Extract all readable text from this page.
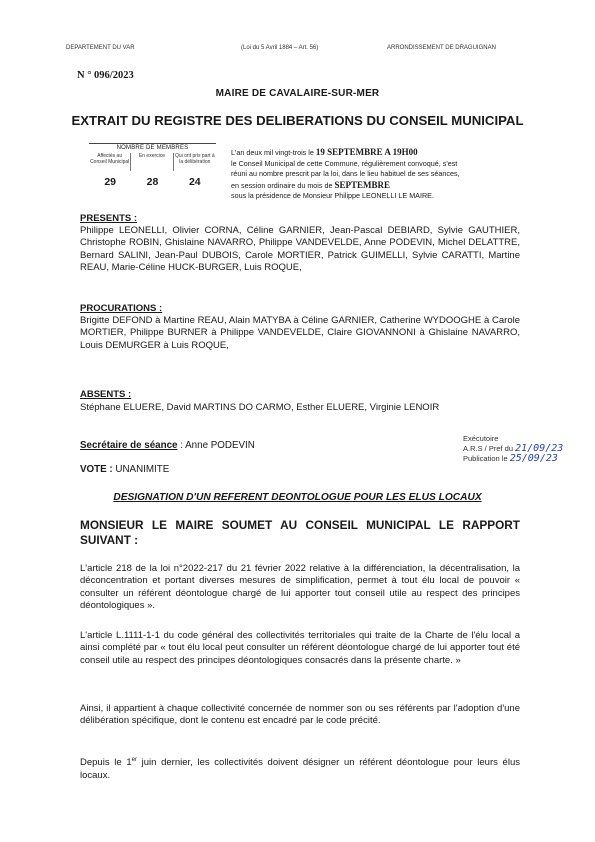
DEPARTEMENT DU VAR	(Loi du 5 Avril 1884 – Art. 56)	ARRONDISSEMENT DE DRAGUIGNAN
N ° 096/2023
MAIRE DE CAVALAIRE-SUR-MER
EXTRAIT DU REGISTRE DES DELIBERATIONS DU CONSEIL MUNICIPAL
NOMBRE DE MEMBRES
Affectés au Conseil Municipal
29
En exercice
28
Qui ont pris part à la délibération
24
L'an deux mil vingt-trois le 19 SEPTEMBRE A 19H00
le Conseil Municipal de cette Commune, régulièrement convoqué, s'est
réuni au nombre prescrit par la loi, dans le lieu habituel de ses séances,
en session ordinaire du mois de SEPTEMBRE
sous la présidence de Monsieur Philippe LEONELLI LE MAIRE.
PRESENTS :
Philippe LEONELLI, Olivier CORNA, Céline GARNIER, Jean-Pascal DEBIARD, Sylvie GAUTHIER, Christophe ROBIN, Ghislaine NAVARRO, Philippe VANDEVELDE, Anne PODEVIN, Michel DELATTRE, Bernard SALINI, Jean-Paul DUBOIS, Carole MORTIER, Patrick GUIMELLI, Sylvie CARATTI, Martine REAU, Marie-Céline HUCK-BURGER, Luis ROQUE,
PROCURATIONS :
Brigitte DEFOND à Martine REAU, Alain MATYBA à Céline GARNIER, Catherine WYDOOGHE à Carole MORTIER, Philippe BURNER à Philippe VANDEVELDE, Claire GIOVANNONI à Ghislaine NAVARRO, Louis DEMURGER à Luis ROQUE,
ABSENTS :
Stéphane ELUERE, David MARTINS DO CARMO, Esther ELUERE, Virginie LENOIR
Secrétaire de séance : Anne PODEVIN
VOTE : UNANIMITE
Exécutoire
A.R.S / Pref du 21/09/23
Publication le 25/09/23
DESIGNATION D'UN REFERENT DEONTOLOGUE POUR LES ELUS LOCAUX
MONSIEUR LE MAIRE SOUMET AU CONSEIL MUNICIPAL LE RAPPORT SUIVANT :
L'article 218 de la loi n°2022-217 du 21 février 2022 relative à la différenciation, la décentralisation, la déconcentration et portant diverses mesures de simplification, permet à tout élu local de pouvoir « consulter un référent déontologue chargé de lui apporter tout conseil utile au respect des principes déontologiques ».
L'article L.1111-1-1 du code général des collectivités territoriales qui traite de la Charte de l'élu local a ainsi complété par « tout élu local peut consulter un référent déontologue chargé de lui apporter tout été conseil utile au respect des principes déontologiques consacrés dans la présente charte. »
Ainsi, il appartient à chaque collectivité concernée de nommer son ou ses référents par l'adoption d'une délibération spécifique, dont le contenu est encadré par le code précité.
Depuis le 1er juin dernier, les collectivités doivent désigner un référent déontologue pour leurs élus locaux.
